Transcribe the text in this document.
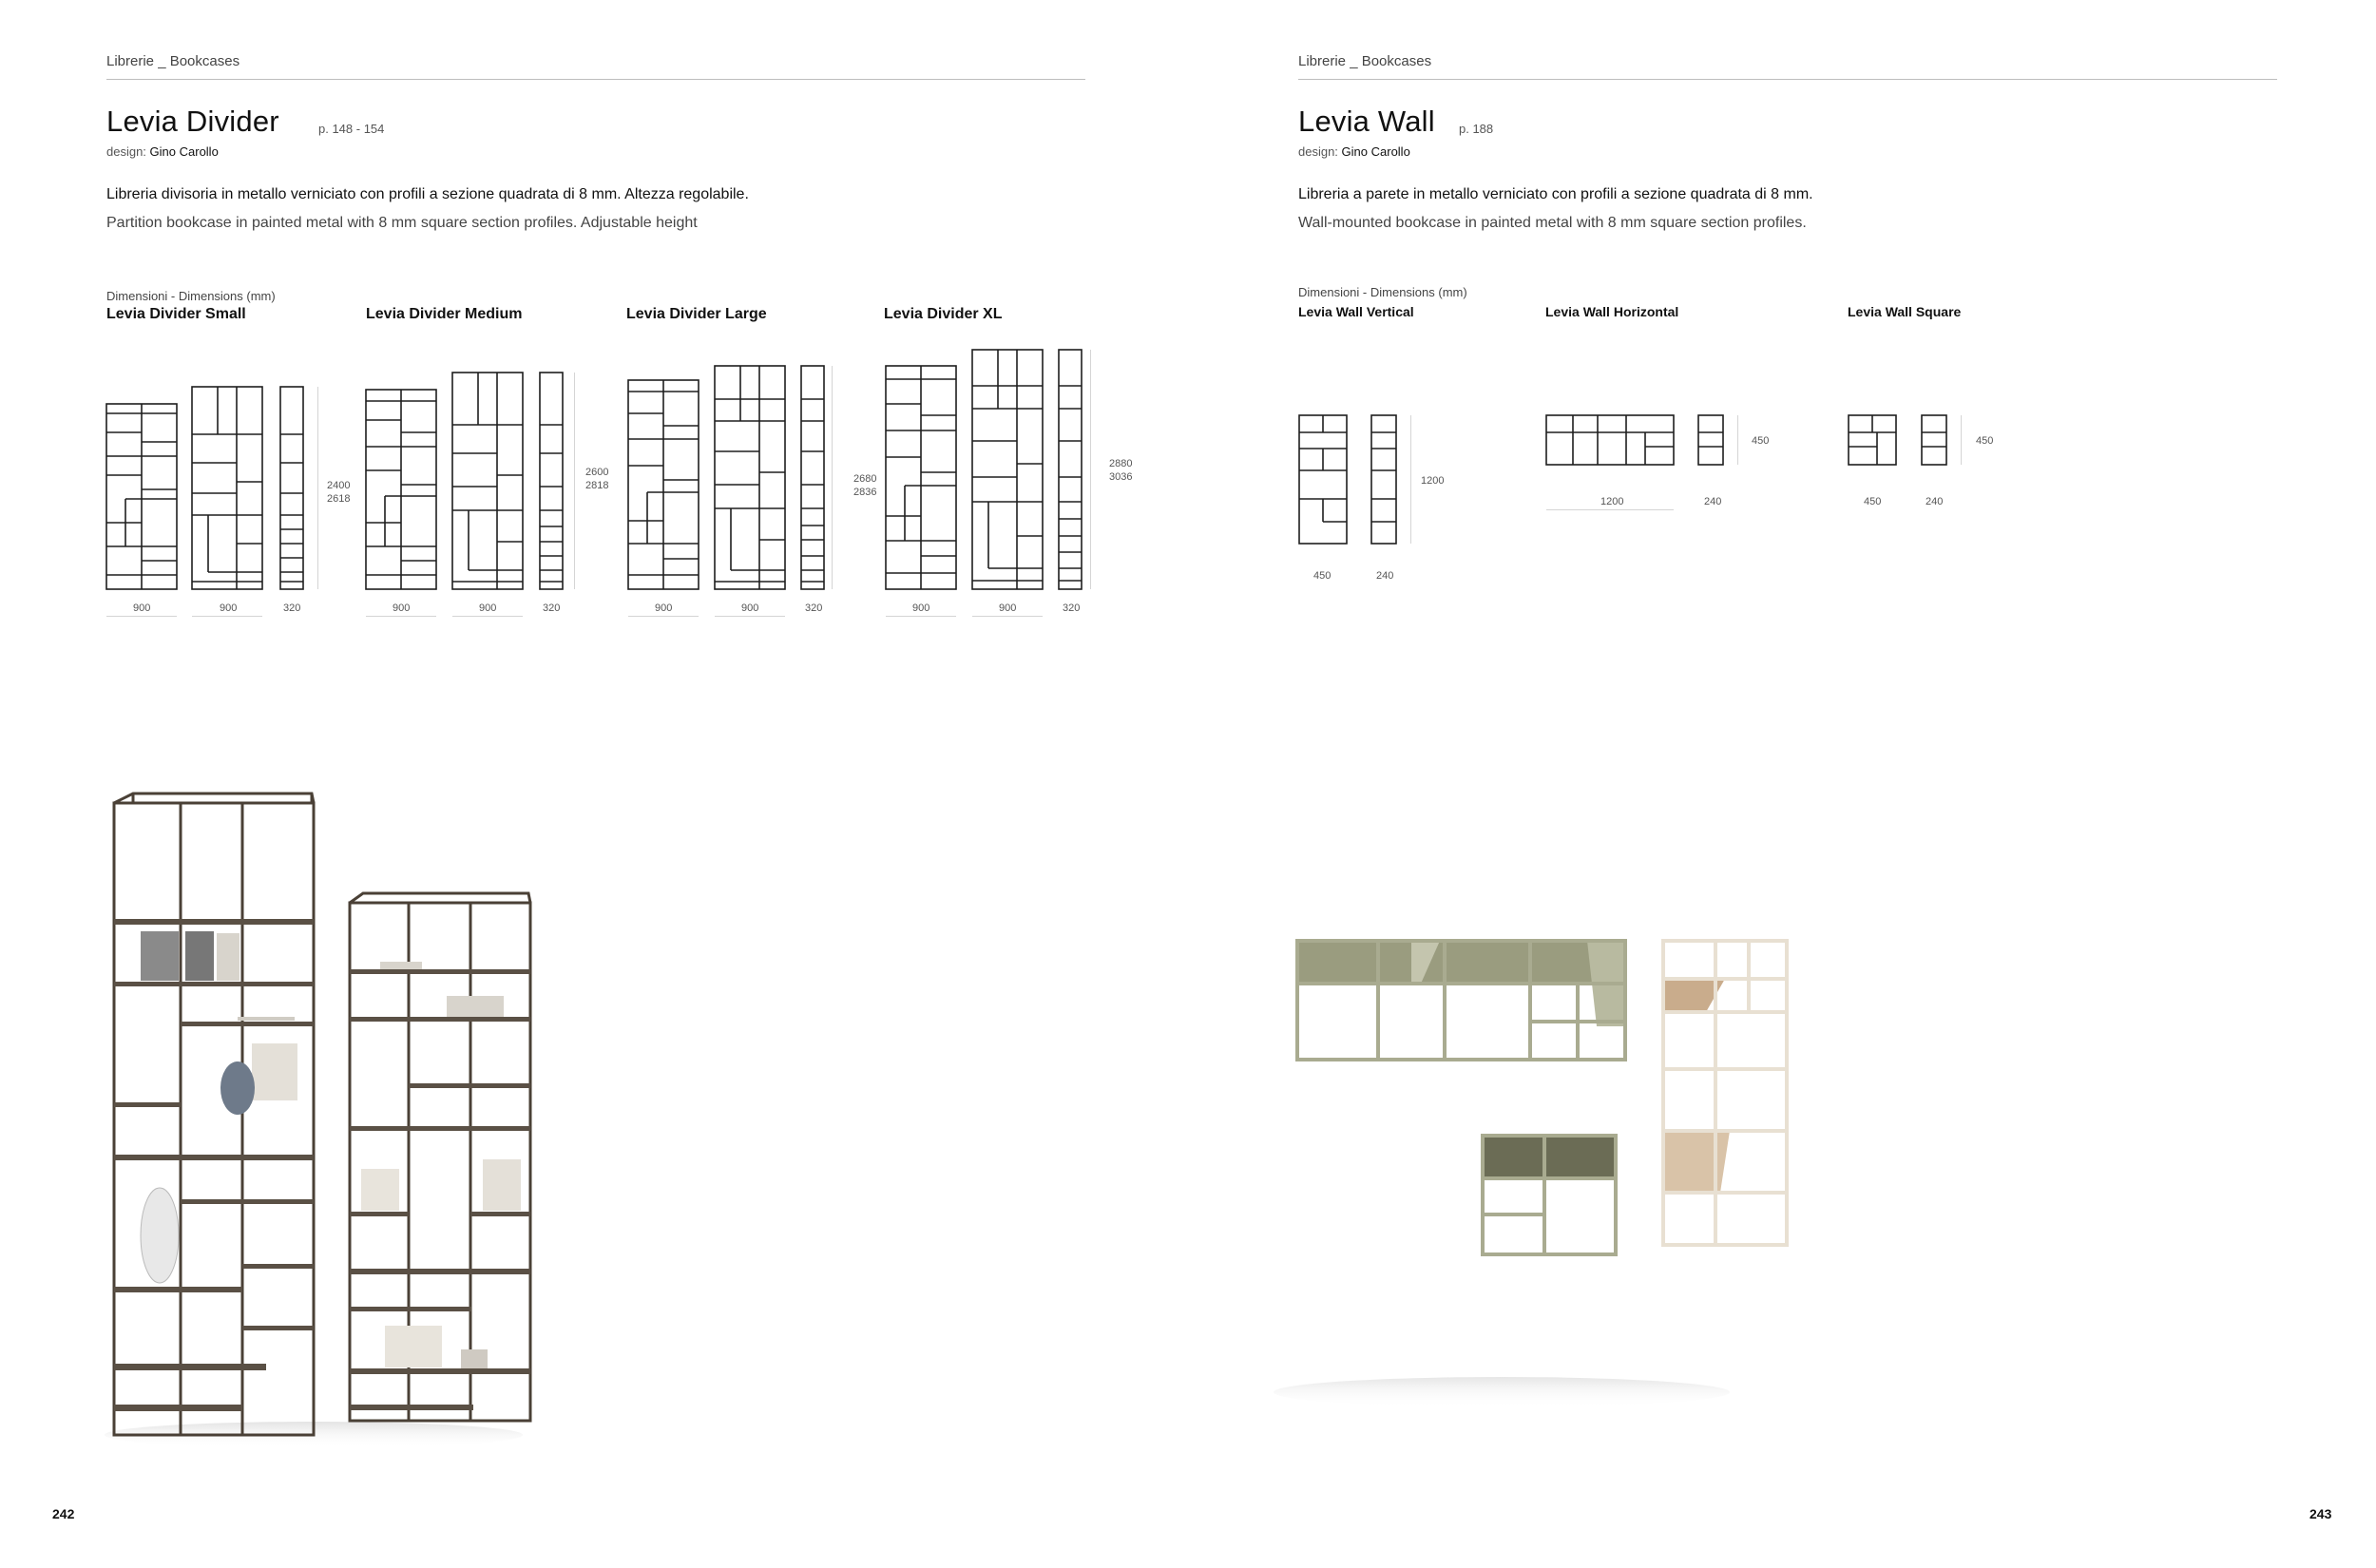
Librerie _ Bookcases
Levia Divider	p. 148 - 154
design: Gino Carollo
Libreria divisoria in metallo verniciato con profili a sezione quadrata di 8 mm. Altezza regolabile.
Partition bookcase in painted metal with 8 mm square section profiles. Adjustable height
Dimensioni - Dimensions (mm)
Levia Divider Small	Levia Divider Medium	Levia Divider Large	Levia Divider XL
2400
2618
900	900	320
2600
2818
900	900	320
2680
2836
900	900	320
2880
3036
900	900	320
242
Librerie _ Bookcases
Levia Wall p. 188
design: Gino Carollo
Libreria a parete in metallo verniciato con profili a sezione quadrata di 8 mm.
Wall-mounted bookcase in painted metal with 8 mm square section profiles.
Dimensioni - Dimensions (mm)
Levia Wall Vertical	Levia Wall Horizontal	Levia Wall Square
1200
450	240
450
1200	240
450
450	240
243
